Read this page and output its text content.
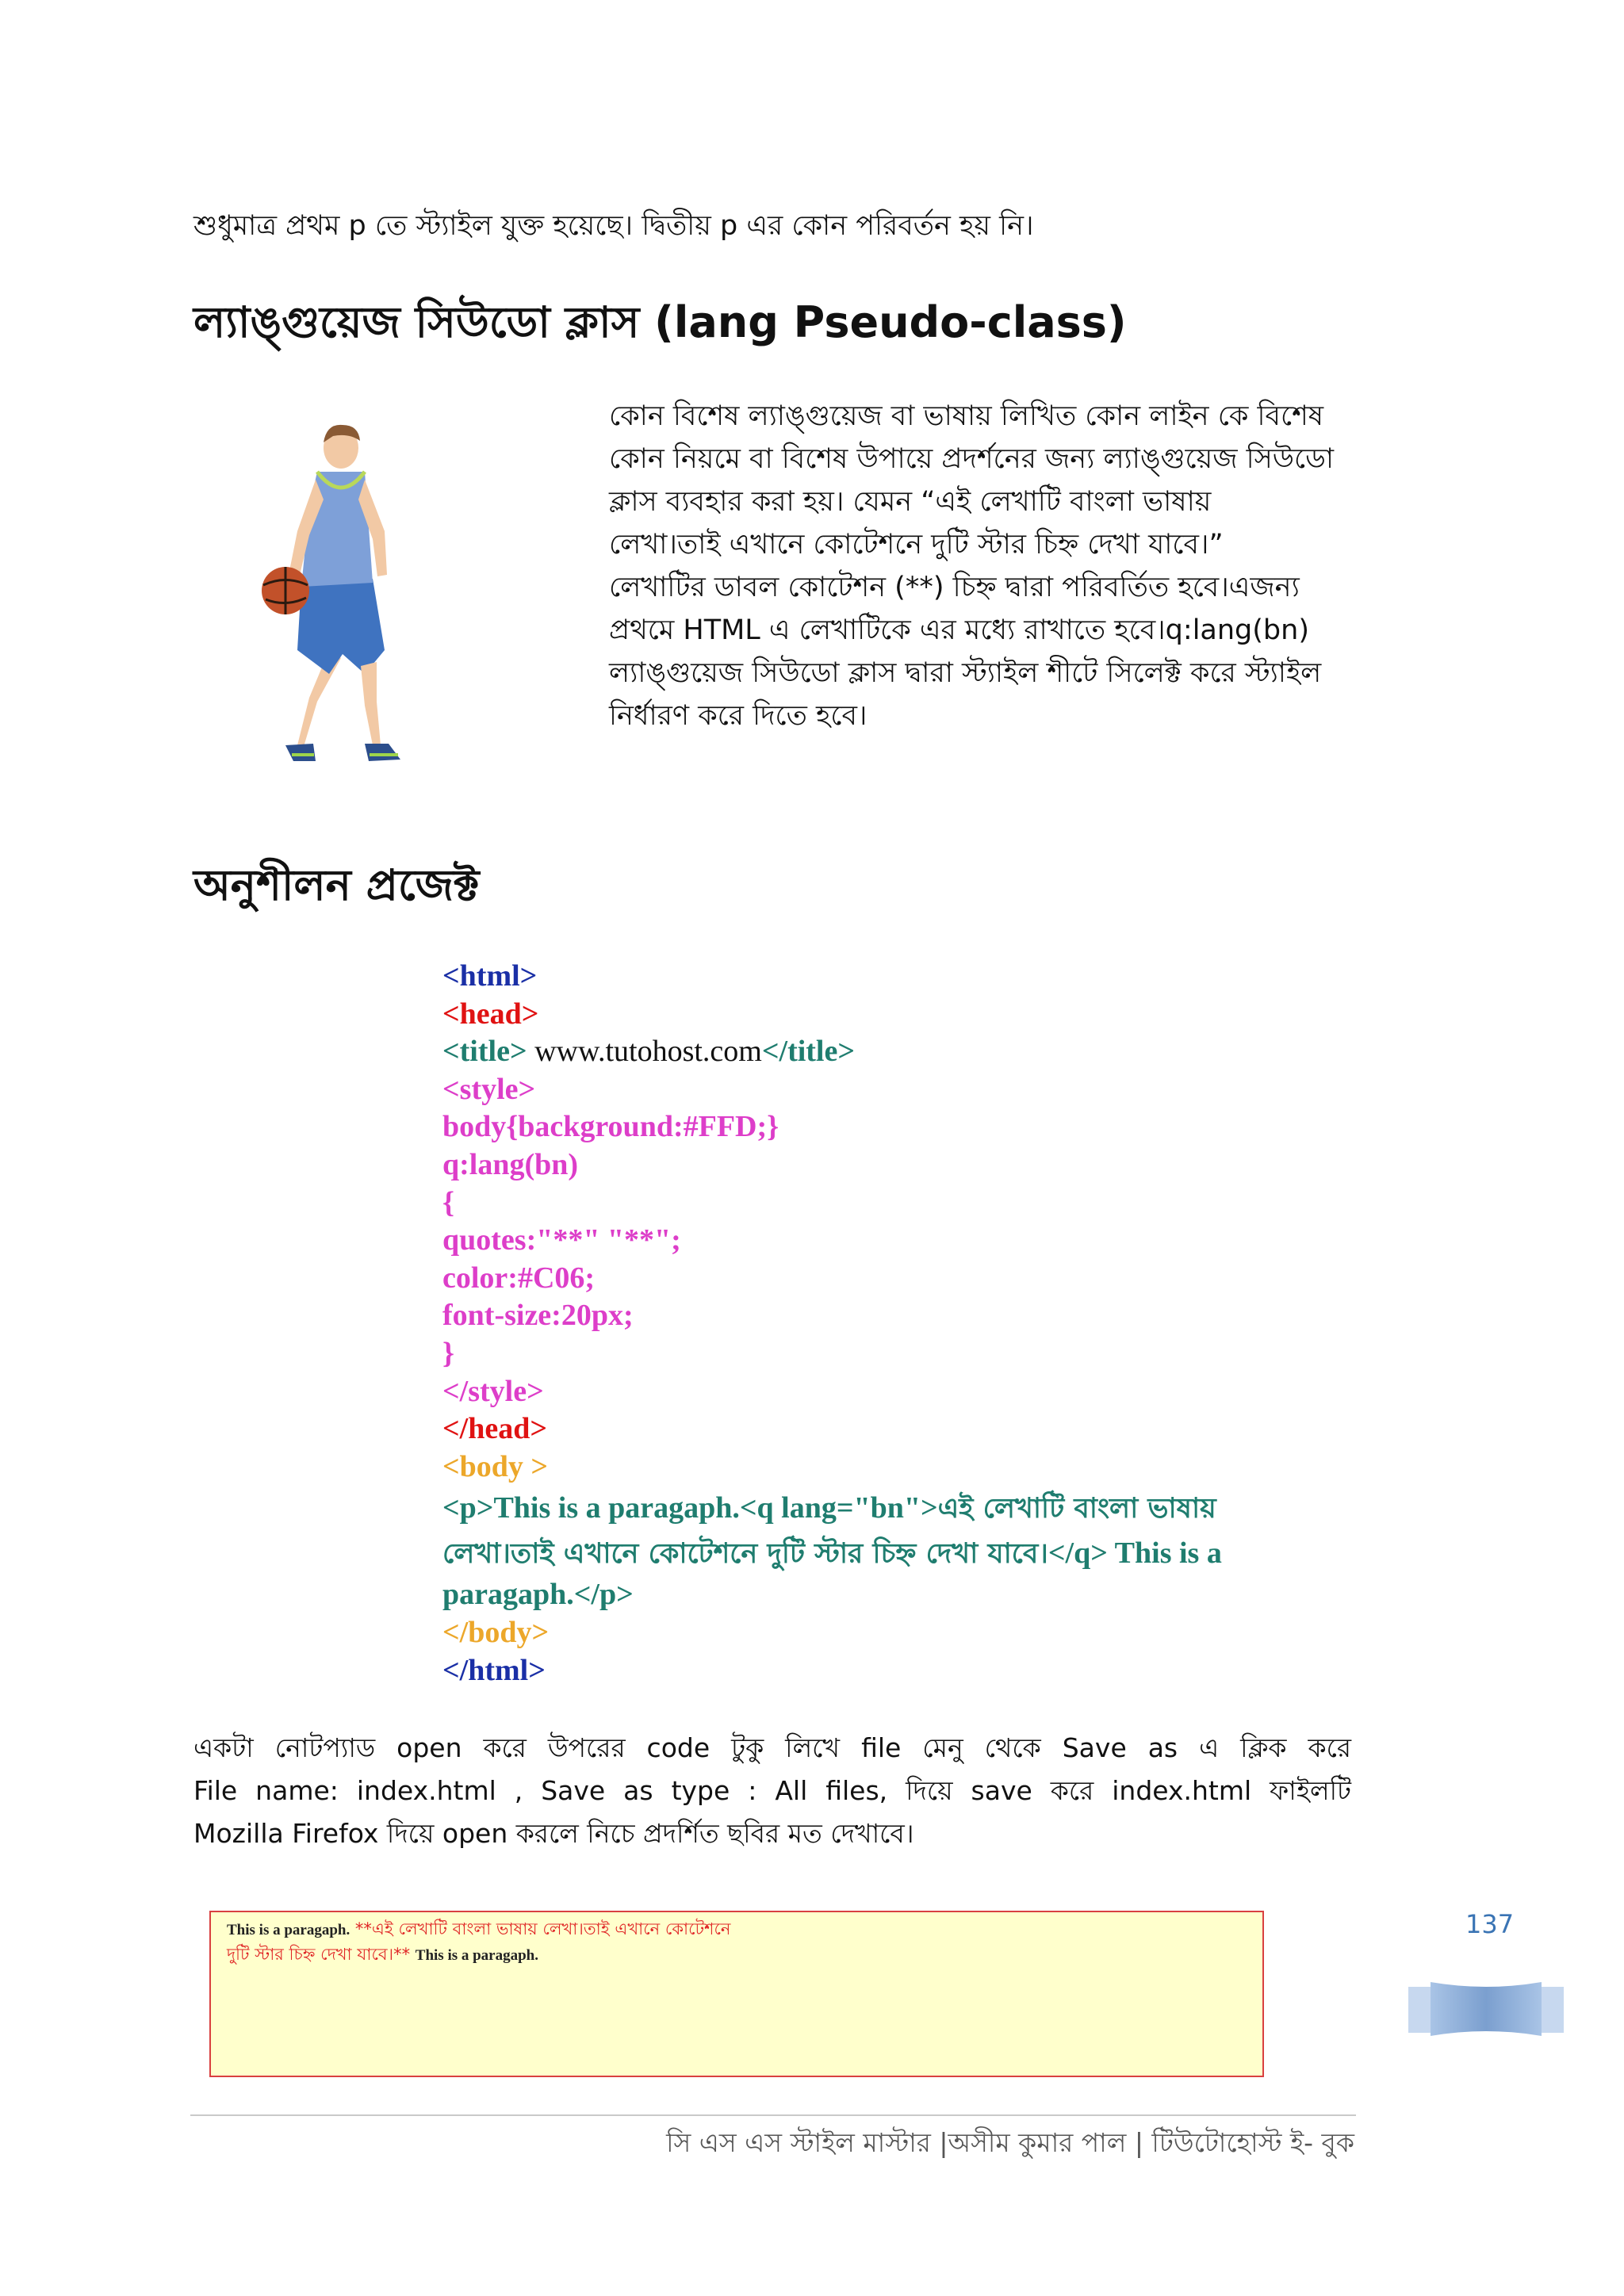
শুধুমাত্র প্রথম p তে স্ট্যাইল যুক্ত হয়েছে। দ্বিতীয় p এর কোন পরিবর্তন হয় নি।
ল্যাঙ্গুয়েজ সিউডো ক্লাস (lang Pseudo-class)
কোন বিশেষ ল্যাঙ্গুয়েজ বা ভাষায় লিখিত কোন লাইন কে বিশেষ
কোন নিয়মে বা বিশেষ উপায়ে প্রদর্শনের জন্য ল্যাঙ্গুয়েজ সিউডো
ক্লাস ব্যবহার করা হয়। যেমন “এই লেখাটি বাংলা ভাষায়
লেখা।তাই এখানে কোটেশনে দুটি স্টার চিহ্ন দেখা যাবে।”
লেখাটির ডাবল কোটেশন (**) চিহ্ন দ্বারা পরিবর্তিত হবে।এজন্য
প্রথমে HTML এ লেখাটিকে এর মধ্যে রাখাতে হবে।q:lang(bn)
ল্যাঙ্গুয়েজ সিউডো ক্লাস দ্বারা স্ট্যাইল শীটে সিলেক্ট করে স্ট্যাইল
নির্ধারণ করে দিতে হবে।
অনুশীলন প্রজেক্ট
<html>
<head>
<title> www.tutohost.com</title>
<style>
body{background:#FFD;}
q:lang(bn)
{
quotes:"**" "**";
color:#C06;
font-size:20px;
}
</style>
</head>
<body >
<p>This is a paragaph.<q lang="bn">এই লেখাটি বাংলা ভাষায়
লেখা।তাই এখানে কোটেশনে দুটি স্টার চিহ্ন দেখা যাবে।</q> This is a
paragaph.</p>
</body>
</html>
একটা নোটপ্যাড open করে উপরের code টুকু লিখে file মেনু থেকে Save as এ ক্লিক করে
File name: index.html , Save as type : All files, দিয়ে save করে index.html ফাইলটি
Mozilla Firefox দিয়ে open করলে নিচে প্রদর্শিত ছবির মত দেখাবে।
This is a paragaph. **এই লেখাটি বাংলা ভাষায় লেখা।তাই এখানে কোটেশনে
দুটি স্টার চিহ্ন দেখা যাবে।** This is a paragaph.
137
সি এস এস স্টাইল মাস্টার |অসীম কুমার পাল | টিউটোহোস্ট ই- বুক
